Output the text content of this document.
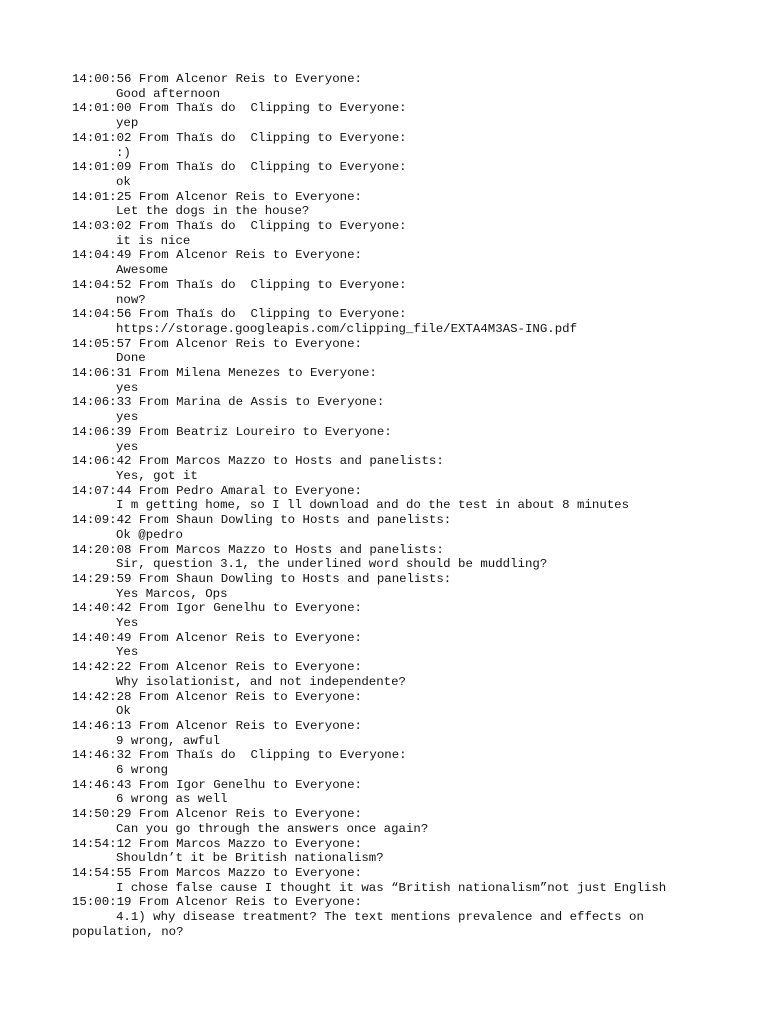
14:00:56 From Alcenor Reis to Everyone:
Good afternoon
14:01:00 From Thaïs do  Clipping to Everyone:
yep
14:01:02 From Thaïs do  Clipping to Everyone:
:)
14:01:09 From Thaïs do  Clipping to Everyone:
ok
14:01:25 From Alcenor Reis to Everyone:
Let the dogs in the house?
14:03:02 From Thaïs do  Clipping to Everyone:
it is nice
14:04:49 From Alcenor Reis to Everyone:
Awesome
14:04:52 From Thaïs do  Clipping to Everyone:
now?
14:04:56 From Thaïs do  Clipping to Everyone:
https://storage.googleapis.com/clipping_file/EXTA4M3AS-ING.pdf
14:05:57 From Alcenor Reis to Everyone:
Done
14:06:31 From Milena Menezes to Everyone:
yes
14:06:33 From Marina de Assis to Everyone:
yes
14:06:39 From Beatriz Loureiro to Everyone:
yes
14:06:42 From Marcos Mazzo to Hosts and panelists:
Yes, got it
14:07:44 From Pedro Amaral to Everyone:
I m getting home, so I ll download and do the test in about 8 minutes
14:09:42 From Shaun Dowling to Hosts and panelists:
Ok @pedro
14:20:08 From Marcos Mazzo to Hosts and panelists:
Sir, question 3.1, the underlined word should be muddling?
14:29:59 From Shaun Dowling to Hosts and panelists:
Yes Marcos, Ops
14:40:42 From Igor Genelhu to Everyone:
Yes
14:40:49 From Alcenor Reis to Everyone:
Yes
14:42:22 From Alcenor Reis to Everyone:
Why isolationist, and not independente?
14:42:28 From Alcenor Reis to Everyone:
Ok
14:46:13 From Alcenor Reis to Everyone:
9 wrong, awful
14:46:32 From Thaïs do  Clipping to Everyone:
6 wrong
14:46:43 From Igor Genelhu to Everyone:
6 wrong as well
14:50:29 From Alcenor Reis to Everyone:
Can you go through the answers once again?
14:54:12 From Marcos Mazzo to Everyone:
Shouldn’t it be British nationalism?
14:54:55 From Marcos Mazzo to Everyone:
I chose false cause I thought it was “British nationalism”not just English
15:00:19 From Alcenor Reis to Everyone:
4.1) why disease treatment? The text mentions prevalence and effects on population, no?
